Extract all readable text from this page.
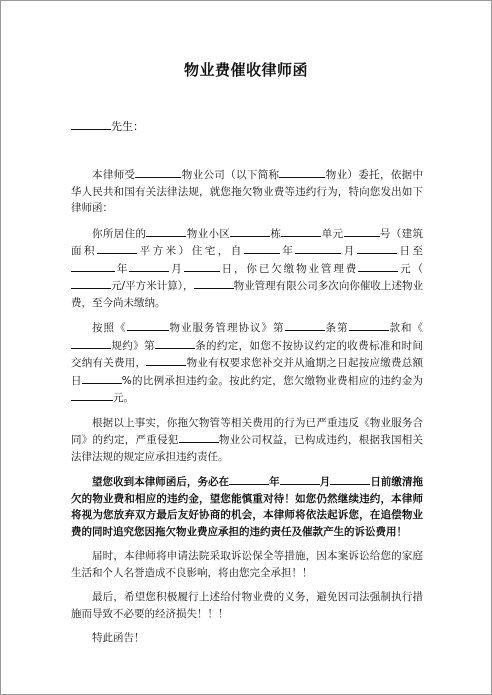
物业费催收律师函
先生：

本律师受	物业公司（以下简称	物业）委托，依据中华人民共和国有关法律法规，就您拖欠物业费等违约行为，特向您发出如下律师函：

你所居住的	物业小区	栋	单元	号（建筑面积	平方米）住宅，自	年	月	日至年	月	日，你已欠缴物业管理费	元（元/平方米计算），	物业管理有限公司多次向你催收上述物业费，至今尚未缴纳。

按照《	物业服务管理协议》第	条第	款和《规约》第	条的约定，如您不按协议约定的收费标准和时间交纳有关费用，	物业有权要求您补交并从逾期之日起按应缴费总额日	%的比例承担违约金。按此约定，您欠缴物业费相应的违约金为元。

根据以上事实，你拖欠物管等相关费用的行为已严重违反《物业服务合同》的约定，严重侵犯	物业公司权益，已构成违约，根据我国相关法律法规的规定应承担违约责任。

望您收到本律师函后，务必在	年	月	日前缴清拖欠的物业费和相应的违约金，望您能慎重对待！如您仍然继续违约，本律师将视为您放弃双方最后友好协商的机会，本律师将依法起诉您，在追偿物业费的同时追究您因拖欠物业费应承担的违约责任及催款产生的诉讼费用！

届时，本律师将申请法院采取诉讼保全等措施，因本案诉讼给您的家庭生活和个人名誉造成不良影响，将由您完全承担！！

最后，希望您积极履行上述给付物业费的义务，避免因司法强制执行措施而导致不必要的经济损失！！！

特此函告！
